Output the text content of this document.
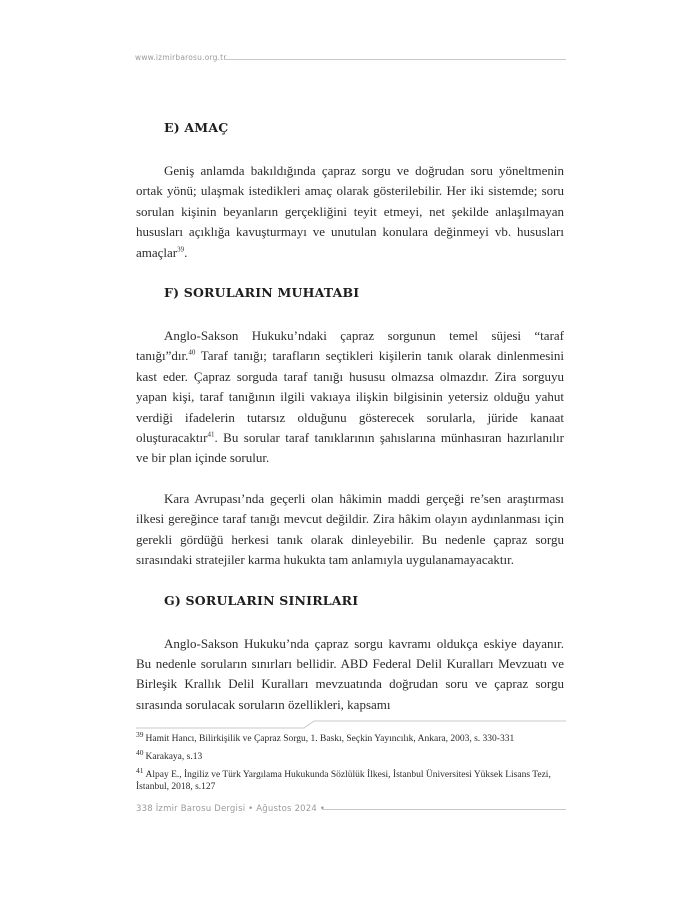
www.izmirbarosu.org.tr
E) AMAÇ

Geniş anlamda bakıldığında çapraz sorgu ve doğrudan soru yöneltmenin ortak yönü; ulaşmak istedikleri amaç olarak gösterilebilir. Her iki sistemde; soru sorulan kişinin beyanların gerçekliğini teyit etmeyi, net şekilde anlaşılmayan hususları açıklığa kavuşturmayı ve unutulan konulara değinmeyi vb. hususları amaçlar$^{39}$.

F) SORULARIN MUHATABI

Anglo-Sakson Hukuku’ndaki çapraz sorgunun temel süjesi “taraf tanığı”dır.$^{40}$ Taraf tanığı; tarafların seçtikleri kişilerin tanık olarak dinlenmesini kast eder. Çapraz sorguda taraf tanığı hususu olmazsa olmazdır. Zira sorguyu yapan kişi, taraf tanığının ilgili vakıaya ilişkin bilgisinin yetersiz olduğu yahut verdiği ifadelerin tutarsız olduğunu gösterecek sorularla, jüride kanaat oluşturacaktır$^{41}$. Bu sorular taraf tanıklarının şahıslarına münhasıran hazırlanılır ve bir plan içinde sorulur.

Kara Avrupası’nda geçerli olan hâkimin maddi gerçeği re’sen araştırması ilkesi gereğince taraf tanığı mevcut değildir. Zira hâkim olayın aydınlanması için gerekli gördüğü herkesi tanık olarak dinleyebilir. Bu nedenle çapraz sorgu sırasındaki stratejiler karma hukukta tam anlamıyla uygulanamayacaktır.

G) SORULARIN SINIRLARI

Anglo-Sakson Hukuku’nda çapraz sorgu kavramı oldukça eskiye dayanır. Bu nedenle soruların sınırları bellidir. ABD Federal Delil Kuralları Mevzuatı ve Birleşik Krallık Delil Kuralları mevzuatında doğrudan soru ve çapraz sorgu sırasında sorulacak soruların özellikleri, kapsamı

$^{39}$ Hamit Hancı, Bilirkişilik ve Çapraz Sorgu, 1. Baskı, Seçkin Yayıncılık, Ankara, 2003, s. 330-331
$^{40}$ Karakaya, s.13
$^{41}$ Alpay E., İngiliz ve Türk Yargılama Hukukunda Sözlülük İlkesi, İstanbul Üniversitesi Yüksek Lisans Tezi, İstanbul, 2018, s.127
338 İzmir Barosu Dergisi • Ağustos 2024 •
